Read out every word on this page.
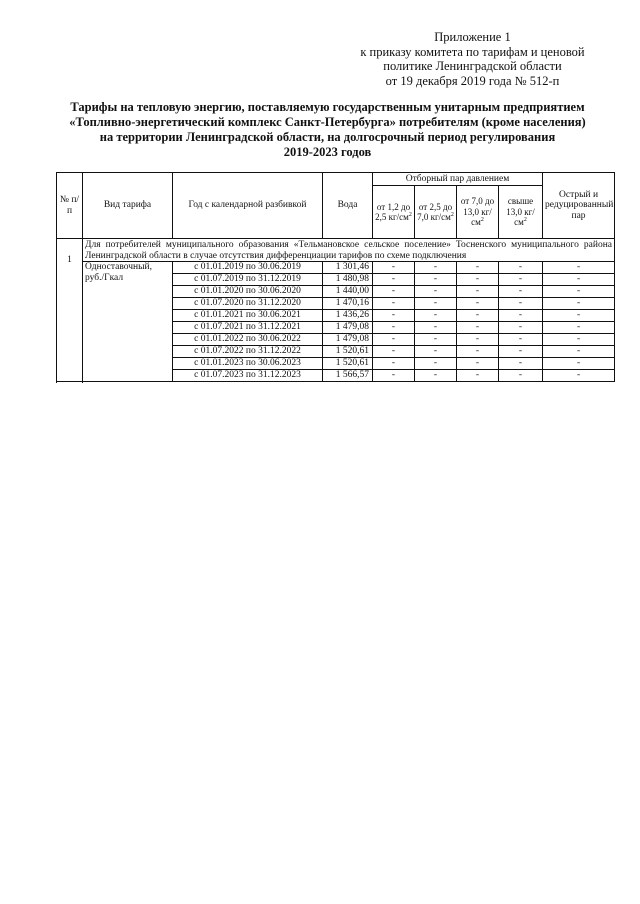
Приложение 1
к приказу комитета по тарифам и ценовой
политике Ленинградской области
от 19 декабря 2019 года № 512-п
Тарифы на тепловую энергию, поставляемую государственным унитарным предприятием
«Топливно-энергетический комплекс Санкт-Петербурга» потребителям (кроме населения)
на территории Ленинградской области, на долгосрочный период регулирования
2019-2023 годов
№ п/п	Вид тарифа	Год с календарной разбивкой	Вода	Отборный пар давлением				Острый и редуцированный пар
				от 1,2 до 2,5 $кг/см^2$	от 2,5 до 7,0 $кг/см^2$	от 7,0 до 13,0 $кг/см^2$	свыше 13,0 $кг/см^2$
1	Для потребителей муниципального образования «Тельмановское сельское поселение» Тосненского муниципального района Ленинградской области в случае отсутствия дифференциации тарифов по схеме подключения							
	Одноставочный, руб./Гкал	с 01.01.2019 по 30.06.2019	1 301,46	-	-	-	-	-
		с 01.07.2019 по 31.12.2019	1 480,98	-	-	-	-	-
		с 01.01.2020 по 30.06.2020	1 440,00	-	-	-	-	-
		с 01.07.2020 по 31.12.2020	1 470,16	-	-	-	-	-
		с 01.01.2021 по 30.06.2021	1 436,26	-	-	-	-	-
		с 01.07.2021 по 31.12.2021	1 479,08	-	-	-	-	-
		с 01.01.2022 по 30.06.2022	1 479,08	-	-	-	-	-
		с 01.07.2022 по 31.12.2022	1 520,61	-	-	-	-	-
		с 01.01.2023 по 30.06.2023	1 520,61	-	-	-	-	-
		с 01.07.2023 по 31.12.2023	1 566,57	-	-	-	-	-
